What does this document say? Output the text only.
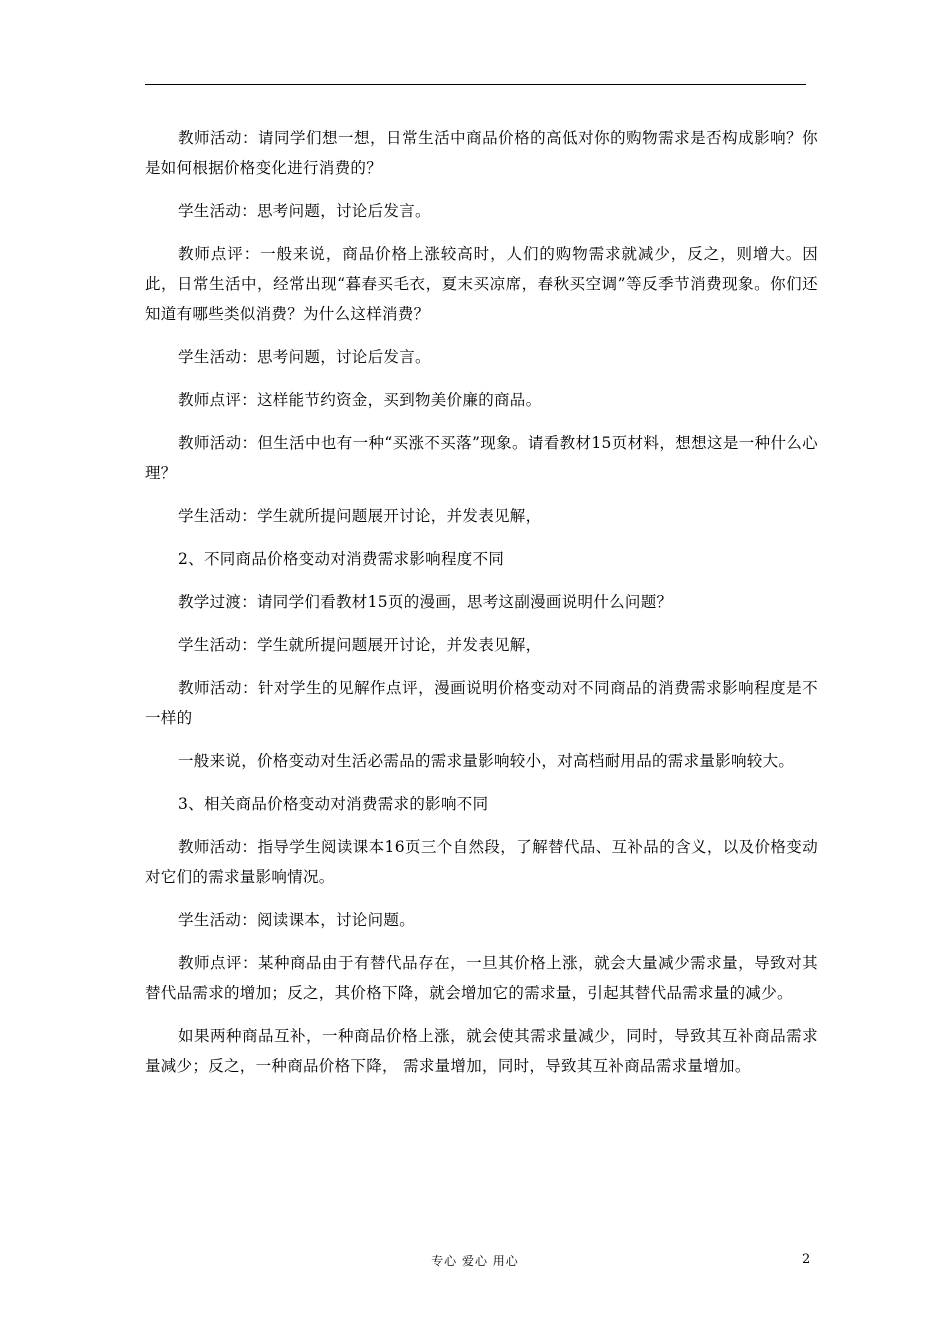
教师活动：请同学们想一想，日常生活中商品价格的高低对你的购物需求是否构成影响？你是如何根据价格变化进行消费的？

学生活动：思考问题，讨论后发言。

教师点评：一般来说，商品价格上涨较高时，人们的购物需求就减少，反之，则增大。因此，日常生活中，经常出现“暮春买毛衣，夏末买凉席，春秋买空调”等反季节消费现象。你们还知道有哪些类似消费？为什么这样消费？

学生活动：思考问题，讨论后发言。

教师点评：这样能节约资金，买到物美价廉的商品。

教师活动：但生活中也有一种“买涨不买落”现象。请看教材15页材料，想想这是一种什么心理？

学生活动：学生就所提问题展开讨论，并发表见解，

2、不同商品价格变动对消费需求影响程度不同

教学过渡：请同学们看教材15页的漫画，思考这副漫画说明什么问题？

学生活动：学生就所提问题展开讨论，并发表见解，

教师活动：针对学生的见解作点评，漫画说明价格变动对不同商品的消费需求影响程度是不一样的

一般来说，价格变动对生活必需品的需求量影响较小，对高档耐用品的需求量影响较大。

3、相关商品价格变动对消费需求的影响不同

教师活动：指导学生阅读课本16页三个自然段，了解替代品、互补品的含义，以及价格变动对它们的需求量影响情况。

学生活动：阅读课本，讨论问题。

教师点评：某种商品由于有替代品存在，一旦其价格上涨，就会大量减少需求量，导致对其替代品需求的增加；反之，其价格下降，就会增加它的需求量，引起其替代品需求量的减少。

如果两种商品互补，一种商品价格上涨，就会使其需求量减少，同时，导致其互补商品需求量减少；反之，一种商品价格下降， 需求量增加，同时，导致其互补商品需求量增加。

专心 爱心 用心	2
